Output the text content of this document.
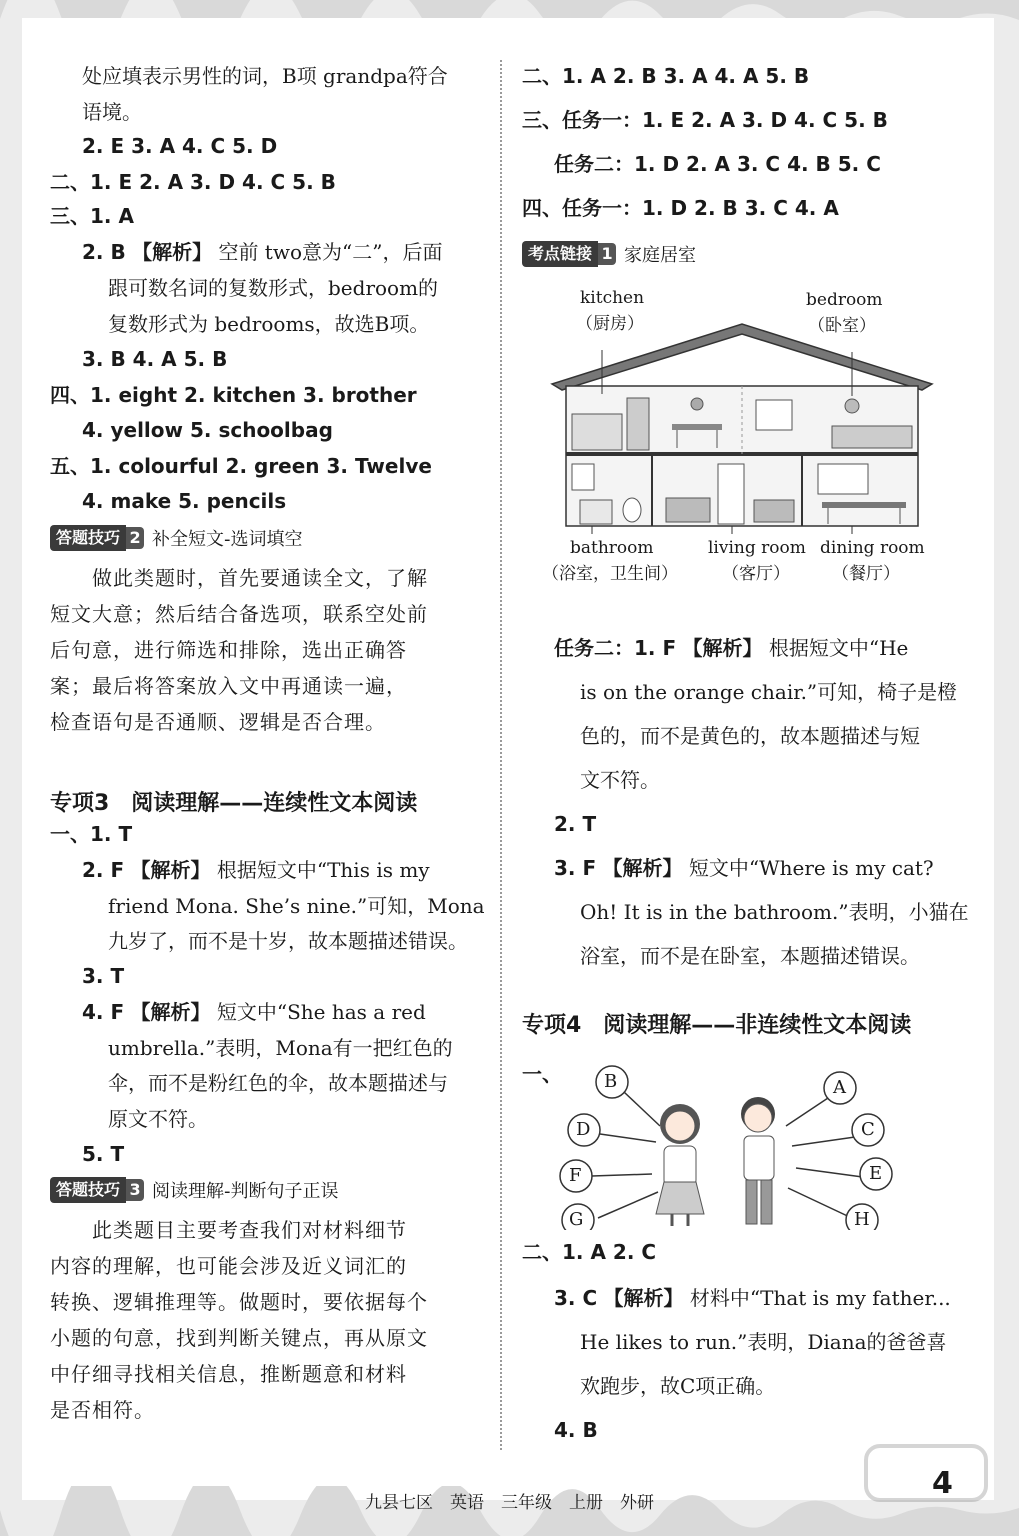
处应填表示男性的词，B项 grandpa符合
语境。
2. E 3. A 4. C 5. D
二、1. E 2. A 3. D 4. C 5. B
三、1. A
2. B 【解析】 空前 two意为“二”，后面
跟可数名词的复数形式，bedroom的
复数形式为 bedrooms，故选B项。
3. B 4. A 5. B
四、1. eight 2. kitchen 3. brother
4. yellow 5. schoolbag
五、1. colourful 2. green 3. Twelve
4. make 5. pencils
答题技巧 2 补全短文-选词填空
　　做此类题时，首先要通读全文，了解
短文大意；然后结合备选项，联系空处前
后句意，进行筛选和排除，选出正确答
案；最后将答案放入文中再通读一遍，
检查语句是否通顺、逻辑是否合理。
专项3　阅读理解——连续性文本阅读
一、1. T
2. F 【解析】 根据短文中“This is my
friend Mona. She’s nine.”可知，Mona
九岁了，而不是十岁，故本题描述错误。
3. T
4. F 【解析】 短文中“She has a red
umbrella.”表明，Mona有一把红色的
伞，而不是粉红色的伞，故本题描述与
原文不符。
5. T
答题技巧 3 阅读理解-判断句子正误
　　此类题目主要考查我们对材料细节
内容的理解，也可能会涉及近义词汇的
转换、逻辑推理等。做题时，要依据每个
小题的句意，找到判断关键点，再从原文
中仔细寻找相关信息，推断题意和材料
是否相符。
二、1. A 2. B 3. A 4. A 5. B
三、任务一：1. E 2. A 3. D 4. C 5. B
任务二：1. D 2. A 3. C 4. B 5. C
四、任务一：1. D 2. B 3. C 4. A
考点链接 1 家庭居室
kitchen
（厨房）
bedroom
（卧室）
bathroom
（浴室，卫生间）
living room
（客厅）
dining room
（餐厅）
任务二：1. F 【解析】 根据短文中“He
is on the orange chair.”可知，椅子是橙
色的，而不是黄色的，故本题描述与短
文不符。
2. T
3. F 【解析】 短文中“Where is my cat?
Oh! It is in the bathroom.”表明，小猫在
浴室，而不是在卧室，本题描述错误。
专项4　阅读理解——非连续性文本阅读
一、 B
D
F
G
A
C
E
H
二、1. A 2. C
3. C 【解析】 材料中“That is my father...
He likes to run.”表明，Diana的爸爸喜
欢跑步，故C项正确。
4. B
九县七区　英语　三年级　上册　外研
4
